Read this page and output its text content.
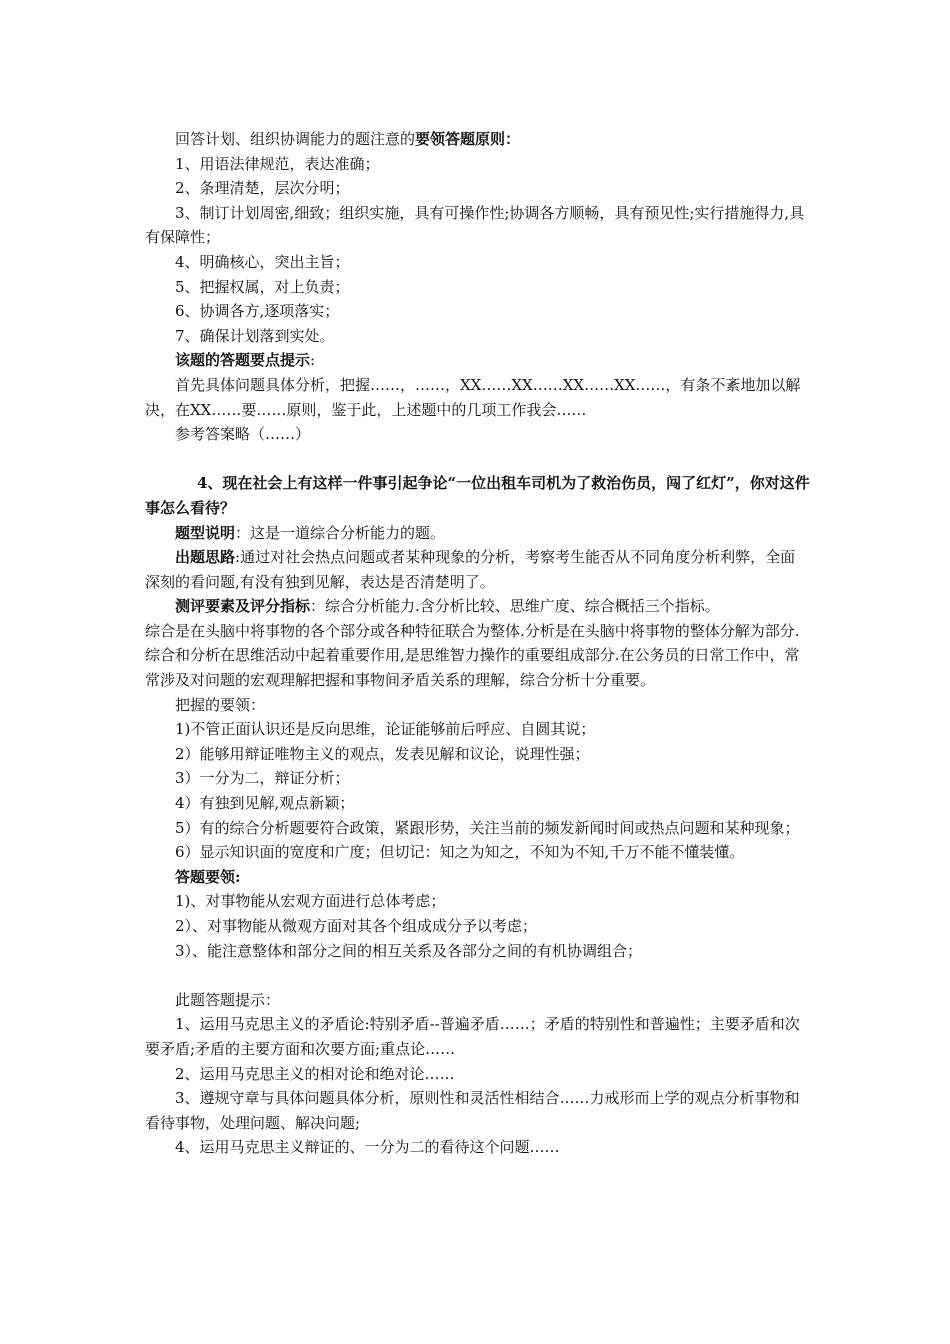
回答计划、组织协调能力的题注意的要领答题原则：

1、用语法律规范，表达准确；

2、条理清楚，层次分明；

3、制订计划周密,细致；组织实施，具有可操作性;协调各方顺畅，具有预见性;实行措施得力,具有保障性；

4、明确核心，突出主旨；

5、把握权属，对上负责；

6、协调各方,逐项落实；

7、确保计划落到实处。

该题的答题要点提示:

首先具体问题具体分析，把握……，……，XX……XX……XX……XX……，有条不紊地加以解决，在XX……要……原则，鉴于此，上述题中的几项工作我会……

参考答案略（……）

4、现在社会上有这样一件事引起争论“一位出租车司机为了救治伤员，闯了红灯”，你对这件事怎么看待？

题型说明：这是一道综合分析能力的题。

出题思路:通过对社会热点问题或者某种现象的分析，考察考生能否从不同角度分析利弊，全面深刻的看问题,有没有独到见解，表达是否清楚明了。

测评要素及评分指标：综合分析能力.含分析比较、思维广度、综合概括三个指标。

综合是在头脑中将事物的各个部分或各种特征联合为整体.分析是在头脑中将事物的整体分解为部分.综合和分析在思维活动中起着重要作用,是思维智力操作的重要组成部分.在公务员的日常工作中，常常涉及对问题的宏观理解把握和事物间矛盾关系的理解，综合分析十分重要。

把握的要领：

1)不管正面认识还是反向思维，论证能够前后呼应、自圆其说；

2）能够用辩证唯物主义的观点，发表见解和议论，说理性强；

3）一分为二，辩证分析；

4）有独到见解,观点新颖；

5）有的综合分析题要符合政策，紧跟形势，关注当前的频发新闻时间或热点问题和某种现象；

6）显示知识面的宽度和广度；但切记：知之为知之，不知为不知,千万不能不懂装懂。

答题要领:

1)、对事物能从宏观方面进行总体考虑；

2）、对事物能从微观方面对其各个组成成分予以考虑；

3）、能注意整体和部分之间的相互关系及各部分之间的有机协调组合；

此题答题提示：

1、运用马克思主义的矛盾论:特别矛盾--普遍矛盾……；矛盾的特别性和普遍性；主要矛盾和次要矛盾;矛盾的主要方面和次要方面;重点论……

2、运用马克思主义的相对论和绝对论……

3、遵规守章与具体问题具体分析，原则性和灵活性相结合……力戒形而上学的观点分析事物和看待事物，处理问题、解决问题;

4、运用马克思主义辩证的、一分为二的看待这个问题……
